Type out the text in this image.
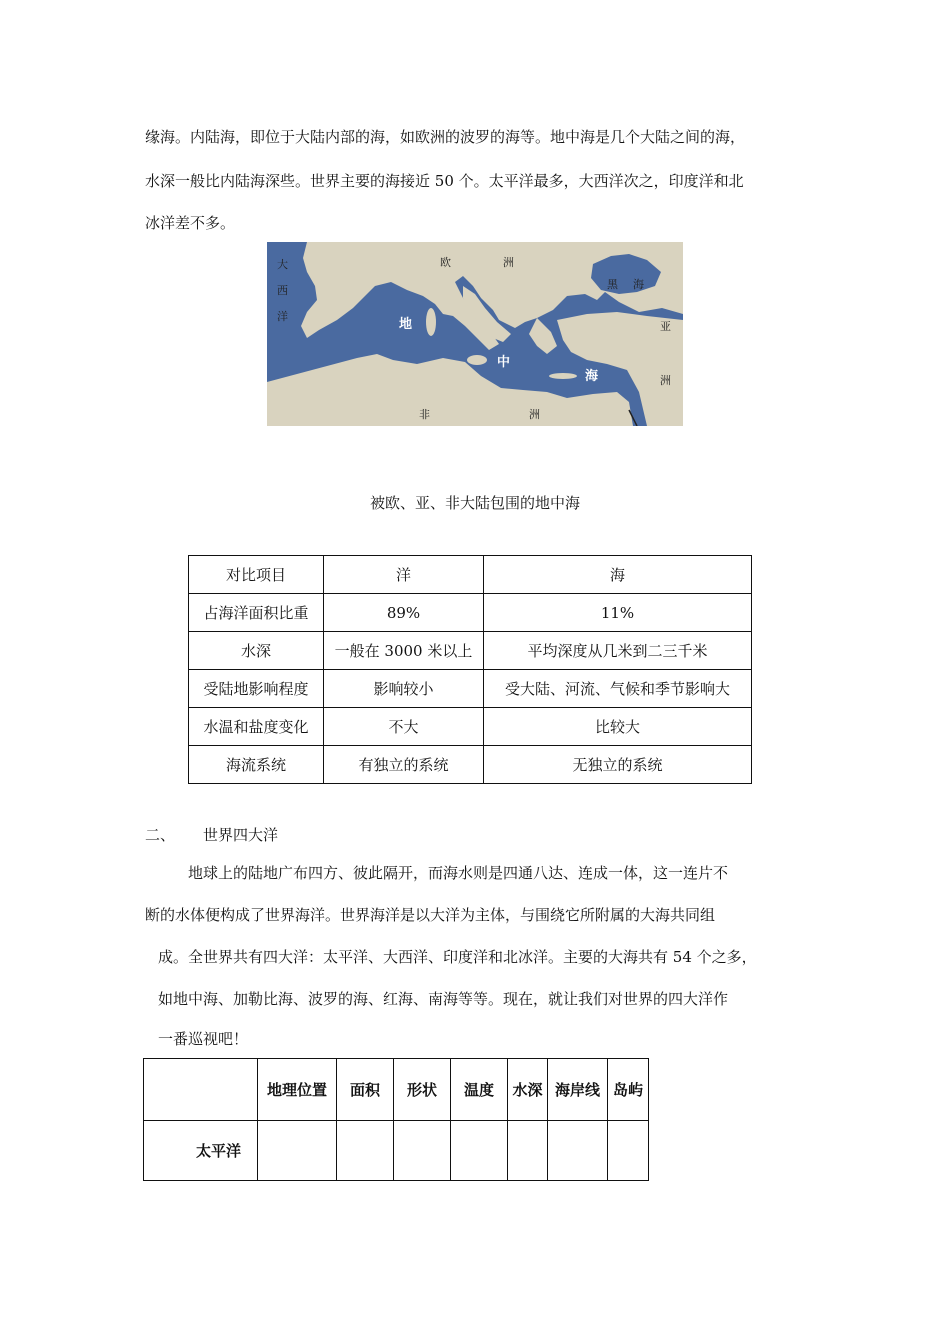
缘海。内陆海，即位于大陆内部的海，如欧洲的波罗的海等。地中海是几个大陆之间的海，
水深一般比内陆海深些。世界主要的海接近 50 个。太平洋最多，大西洋次之，印度洋和北
冰洋差不多。
大
西
洋
欧	洲
黑 海
亚
洲
地
中
海
非	洲
被欧、亚、非大陆包围的地中海
对比项目	洋	海
占海洋面积比重	89%	11%
水深	一般在 3000 米以上	平均深度从几米到二三千米
受陆地影响程度	影响较小	受大陆、河流、气候和季节影响大
水温和盐度变化	不大	比较大
海流系统	有独立的系统	无独立的系统
二、 世界四大洋
地球上的陆地广布四方、彼此隔开，而海水则是四通八达、连成一体，这一连片不
断的水体便构成了世界海洋。世界海洋是以大洋为主体，与围绕它所附属的大海共同组
成。全世界共有四大洋：太平洋、大西洋、印度洋和北冰洋。主要的大海共有 54 个之多，
如地中海、加勒比海、波罗的海、红海、南海等等。现在，就让我们对世界的四大洋作
一番巡视吧！
	地理位置	面积	形状	温度	水深	海岸线	岛屿
太平洋							
